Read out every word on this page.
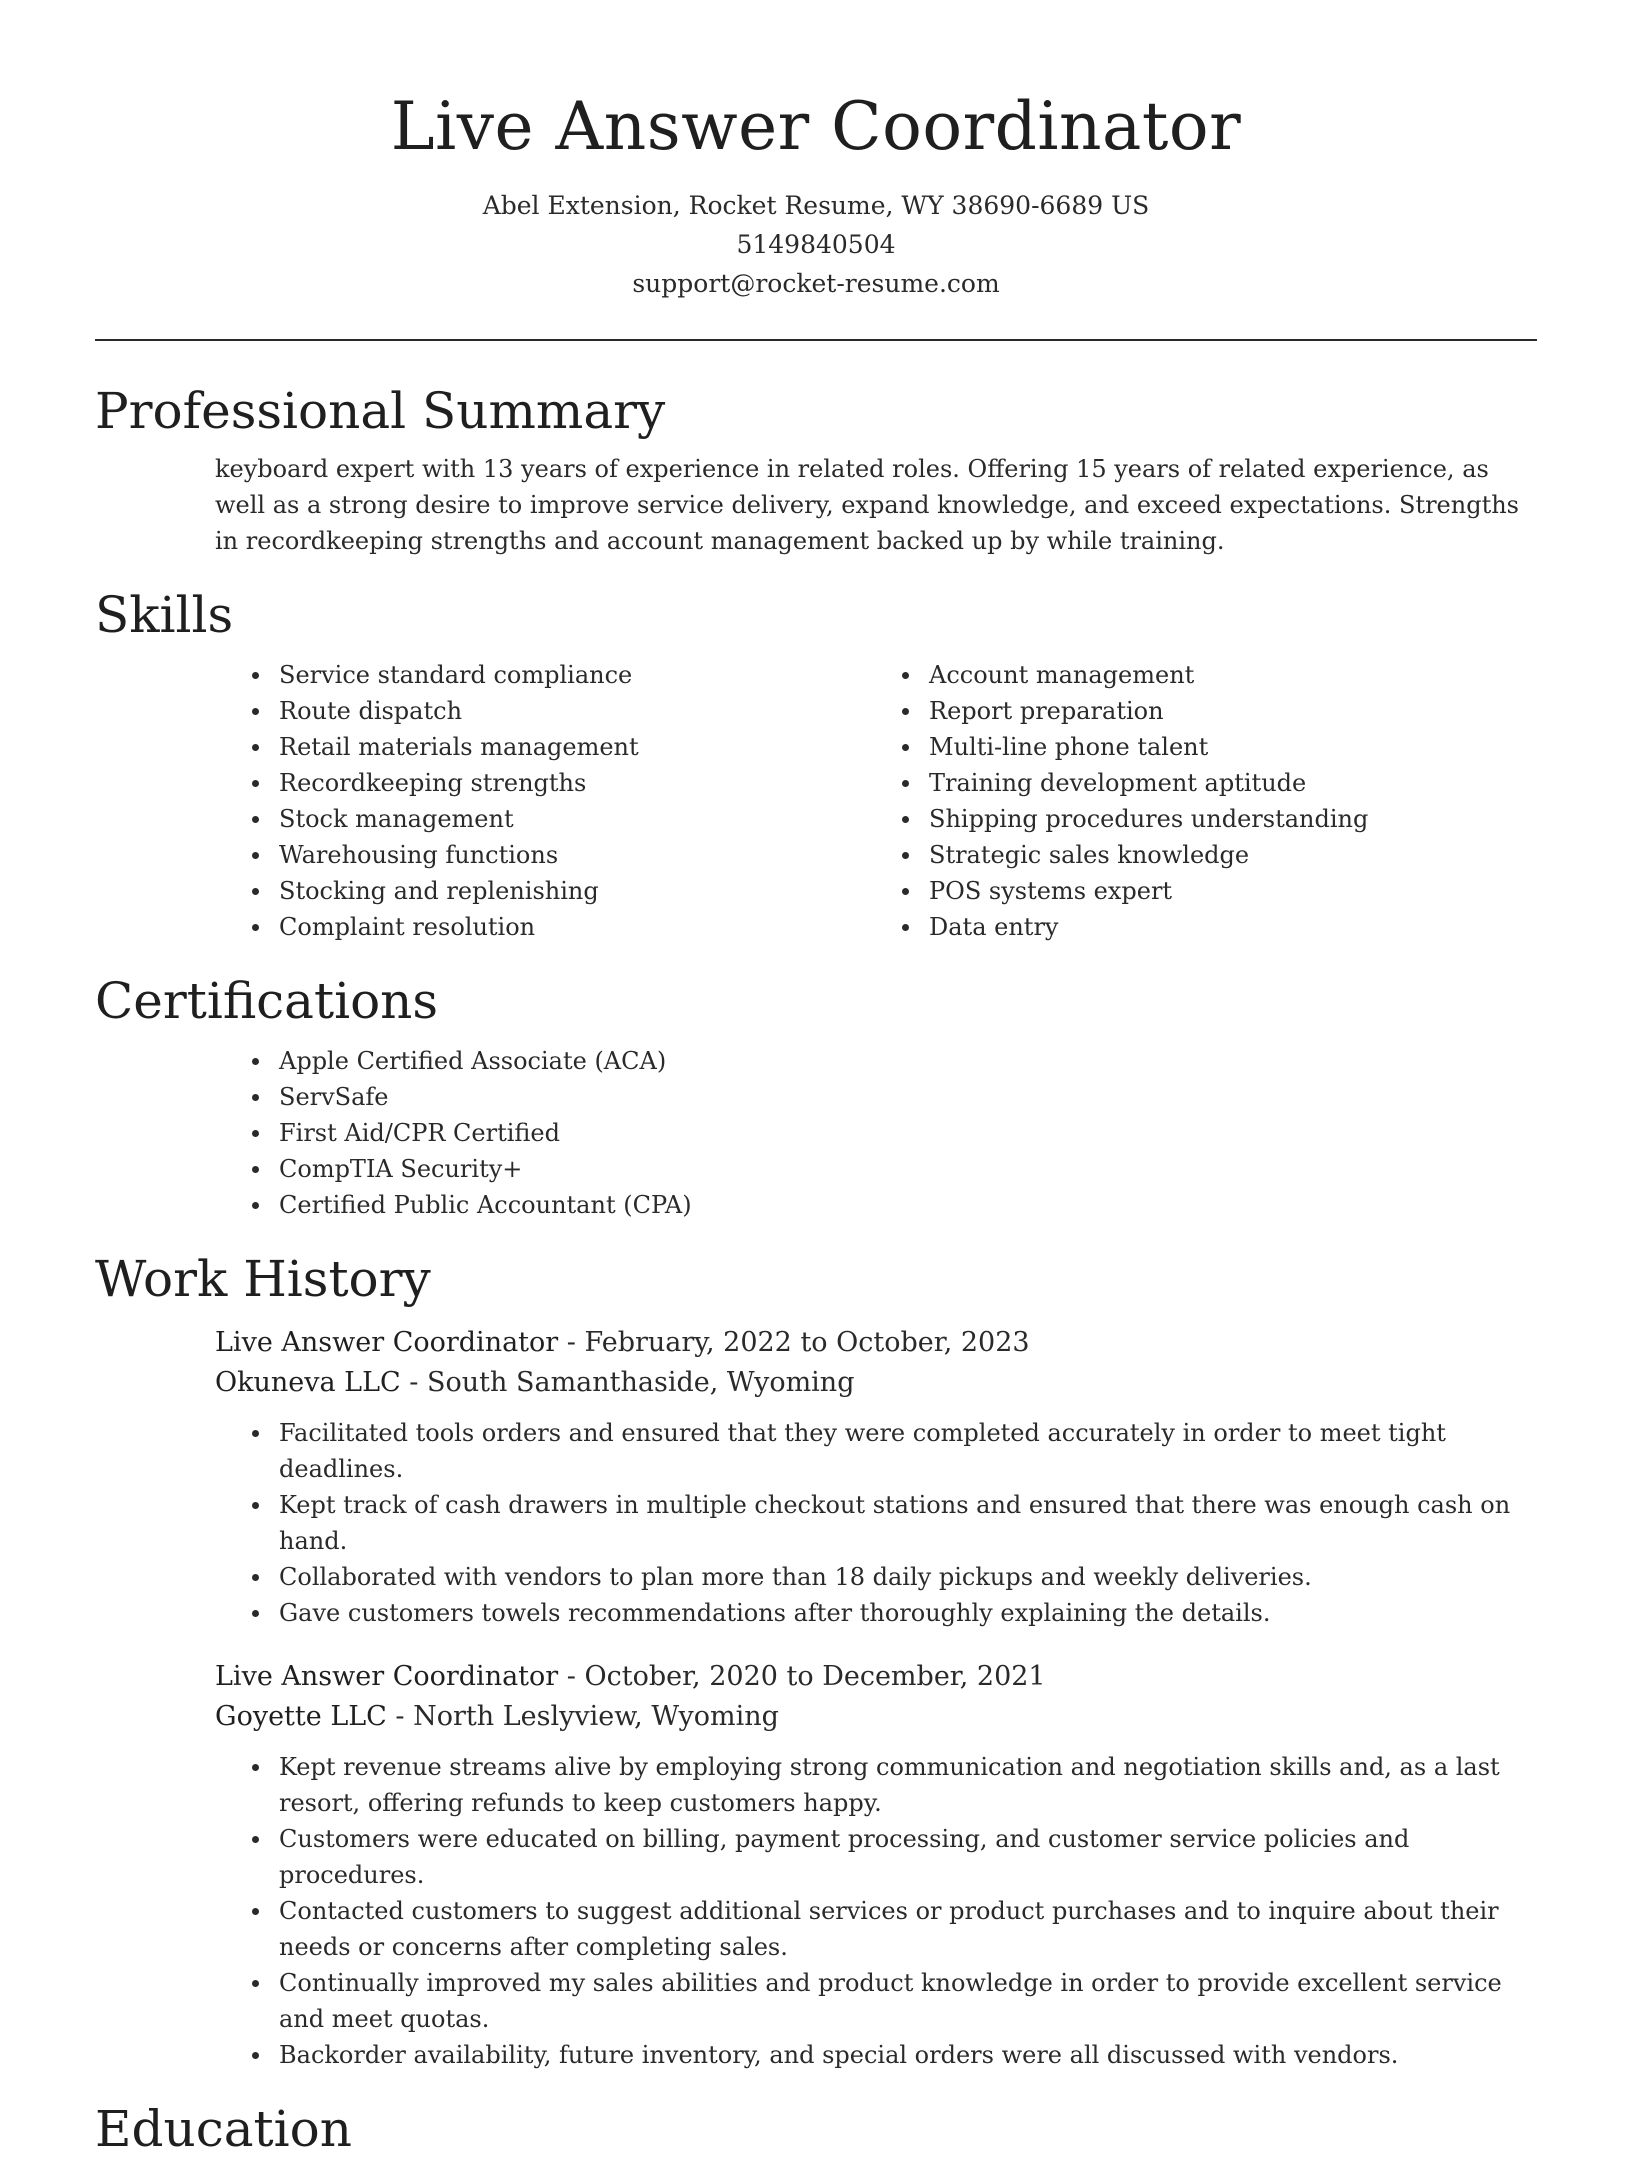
Live Answer Coordinator
Abel Extension, Rocket Resume, WY 38690-6689 US
5149840504
support@rocket-resume.com
Professional Summary

keyboard expert with 13 years of experience in related roles. Offering 15 years of related experience, as well as a strong desire to improve service delivery, expand knowledge, and exceed expectations. Strengths in recordkeeping strengths and account management backed up by while training.

Skills
Service standard compliance
Route dispatch
Retail materials management
Recordkeeping strengths
Stock management
Warehousing functions
Stocking and replenishing
Complaint resolution
Account management
Report preparation
Multi-line phone talent
Training development aptitude
Shipping procedures understanding
Strategic sales knowledge
POS systems expert
Data entry
Certifications
Apple Certified Associate (ACA)
ServSafe
First Aid/CPR Certified
CompTIA Security+
Certified Public Accountant (CPA)
Work History
Live Answer Coordinator - February, 2022 to October, 2023
Okuneva LLC - South Samanthaside, Wyoming
Facilitated tools orders and ensured that they were completed accurately in order to meet tight deadlines.
Kept track of cash drawers in multiple checkout stations and ensured that there was enough cash on hand.
Collaborated with vendors to plan more than 18 daily pickups and weekly deliveries.
Gave customers towels recommendations after thoroughly explaining the details.
Live Answer Coordinator - October, 2020 to December, 2021
Goyette LLC - North Leslyview, Wyoming
Kept revenue streams alive by employing strong communication and negotiation skills and, as a last resort, offering refunds to keep customers happy.
Customers were educated on billing, payment processing, and customer service policies and procedures.
Contacted customers to suggest additional services or product purchases and to inquire about their needs or concerns after completing sales.
Continually improved my sales abilities and product knowledge in order to provide excellent service and meet quotas.
Backorder availability, future inventory, and special orders were all discussed with vendors.
Education
